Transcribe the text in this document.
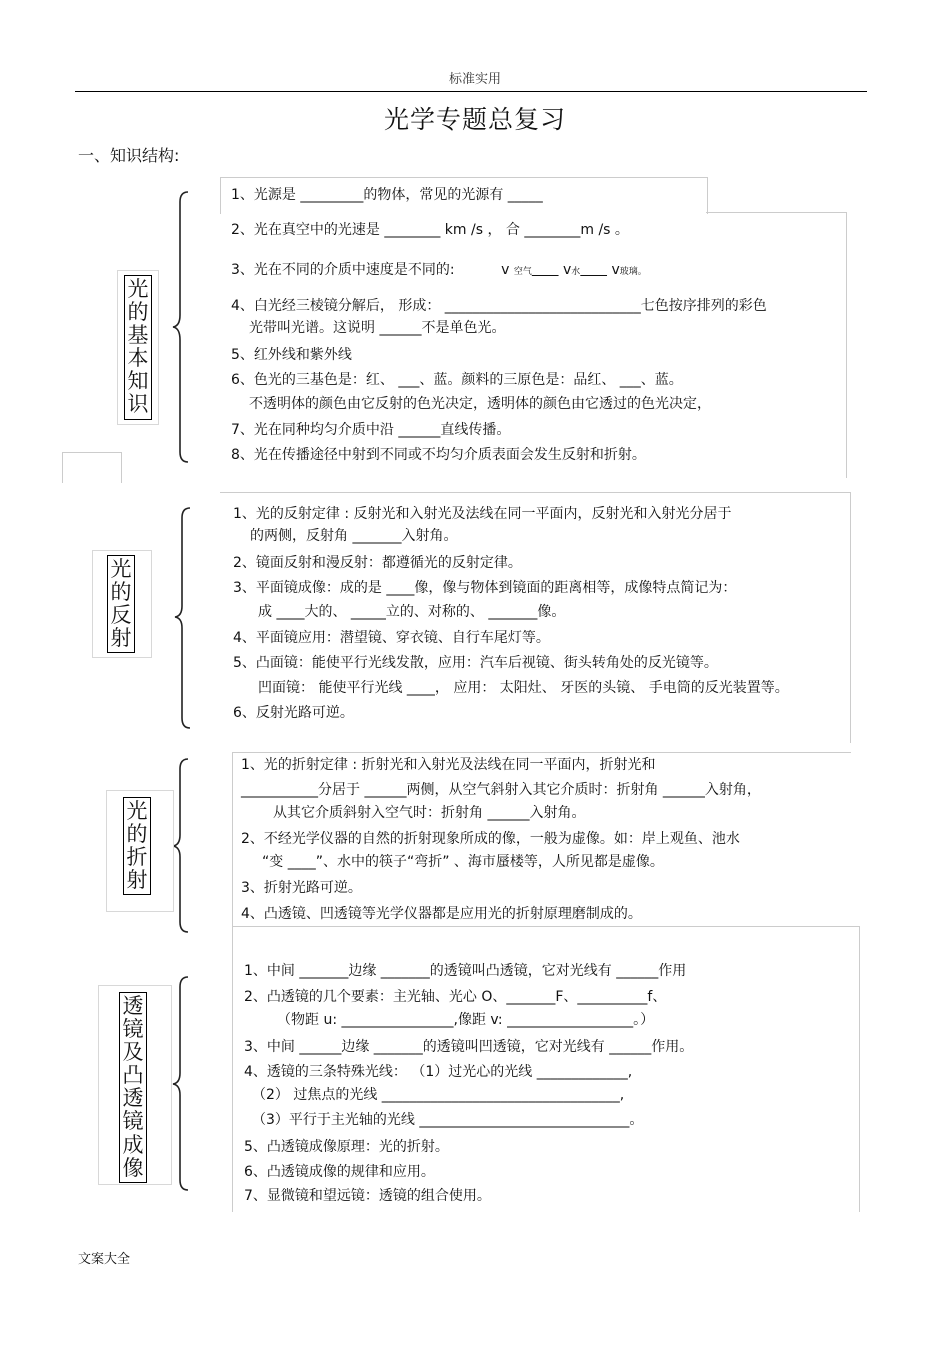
标准实用
光学专题总复习
一、知识结构:
光的基本知识
1、光源是 _________的物体，常见的光源有 _____
2、光在真空中的光速是 ________ km /s ， 合 ________m /s 。
3、光在不同的介质中速度是不同的:	v 空气 v水 v玻璃。
4、白光经三棱镜分解后， 形成： ____________________________七色按序排列的彩色
光带叫光谱。这说明 ______不是单色光。
5、红外线和紫外线
6、色光的三基色是：红、 ___、蓝。颜料的三原色是：品红、 ___、蓝。
不透明体的颜色由它反射的色光决定，透明体的颜色由它透过的色光决定，
7、光在同种均匀介质中沿 ______直线传播。
8、光在传播途径中射到不同或不均匀介质表面会发生反射和折射。
光的反射
1、光的反射定律 : 反射光和入射光及法线在同一平面内，反射光和入射光分居于
的两侧，反射角 _______入射角。
2、镜面反射和漫反射：都遵循光的反射定律。
3、平面镜成像：成的是 ____像，像与物体到镜面的距离相等，成像特点简记为：
成 ____大的、 _____立的、对称的、 _______像。
4、平面镜应用：潜望镜、穿衣镜、自行车尾灯等。
5、凸面镜：能使平行光线发散，应用：汽车后视镜、街头转角处的反光镜等。
凹面镜： 能使平行光线 ____， 应用： 太阳灶、 牙医的头镜、 手电筒的反光装置等。
6、反射光路可逆。
光的折射
1、光的折射定律 : 折射光和入射光及法线在同一平面内，折射光和
___________分居于 ______两侧，从空气斜射入其它介质时：折射角 ______入射角，
从其它介质斜射入空气时：折射角 ______入射角。
2、不经光学仪器的自然的折射现象所成的像，一般为虚像。如：岸上观鱼、池水
“变 ____”、水中的筷子“弯折” 、海市蜃楼等，人所见都是虚像。
3、折射光路可逆。
4、凸透镜、凹透镜等光学仪器都是应用光的折射原理磨制成的。
透镜及凸透镜成像
1、中间 _______边缘 _______的透镜叫凸透镜，它对光线有 ______作用
2、凸透镜的几个要素：主光轴、光心 O、_______F、__________f、
（物距 u: ________________,像距 v: __________________。）
3、中间 ______边缘 _______的透镜叫凹透镜，它对光线有 ______作用。
4、透镜的三条特殊光线： （1）过光心的光线 _____________,
（2） 过焦点的光线 __________________________________,
（3）平行于主光轴的光线 ______________________________。
5、凸透镜成像原理：光的折射。
6、凸透镜成像的规律和应用。
7、显微镜和望远镜：透镜的组合使用。
文案大全
